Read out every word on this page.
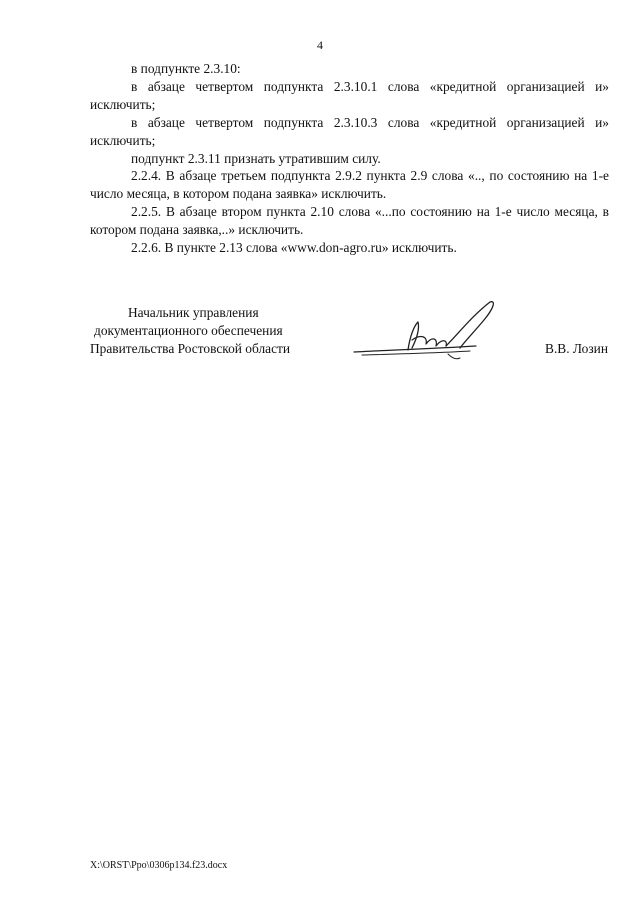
4

в подпункте 2.3.10:

в абзаце четвертом подпункта 2.3.10.1 слова «кредитной организацией и» исключить;

в абзаце четвертом подпункта 2.3.10.3 слова «кредитной организацией и» исключить;

подпункт 2.3.11 признать утратившим силу.

2.2.4. В абзаце третьем подпункта 2.9.2 пункта 2.9 слова «.., по состоянию на 1-е число месяца, в котором подана заявка» исключить.

2.2.5. В абзаце втором пункта 2.10 слова «...по состоянию на 1-е число месяца, в котором подана заявка,..» исключить.

2.2.6. В пункте 2.13 слова «www.don-agro.ru» исключить.

Начальник управления
документационного обеспечения
Правительства Ростовской области	В.В. Лозин
X:\ORST\Ppo\0306p134.f23.docx
